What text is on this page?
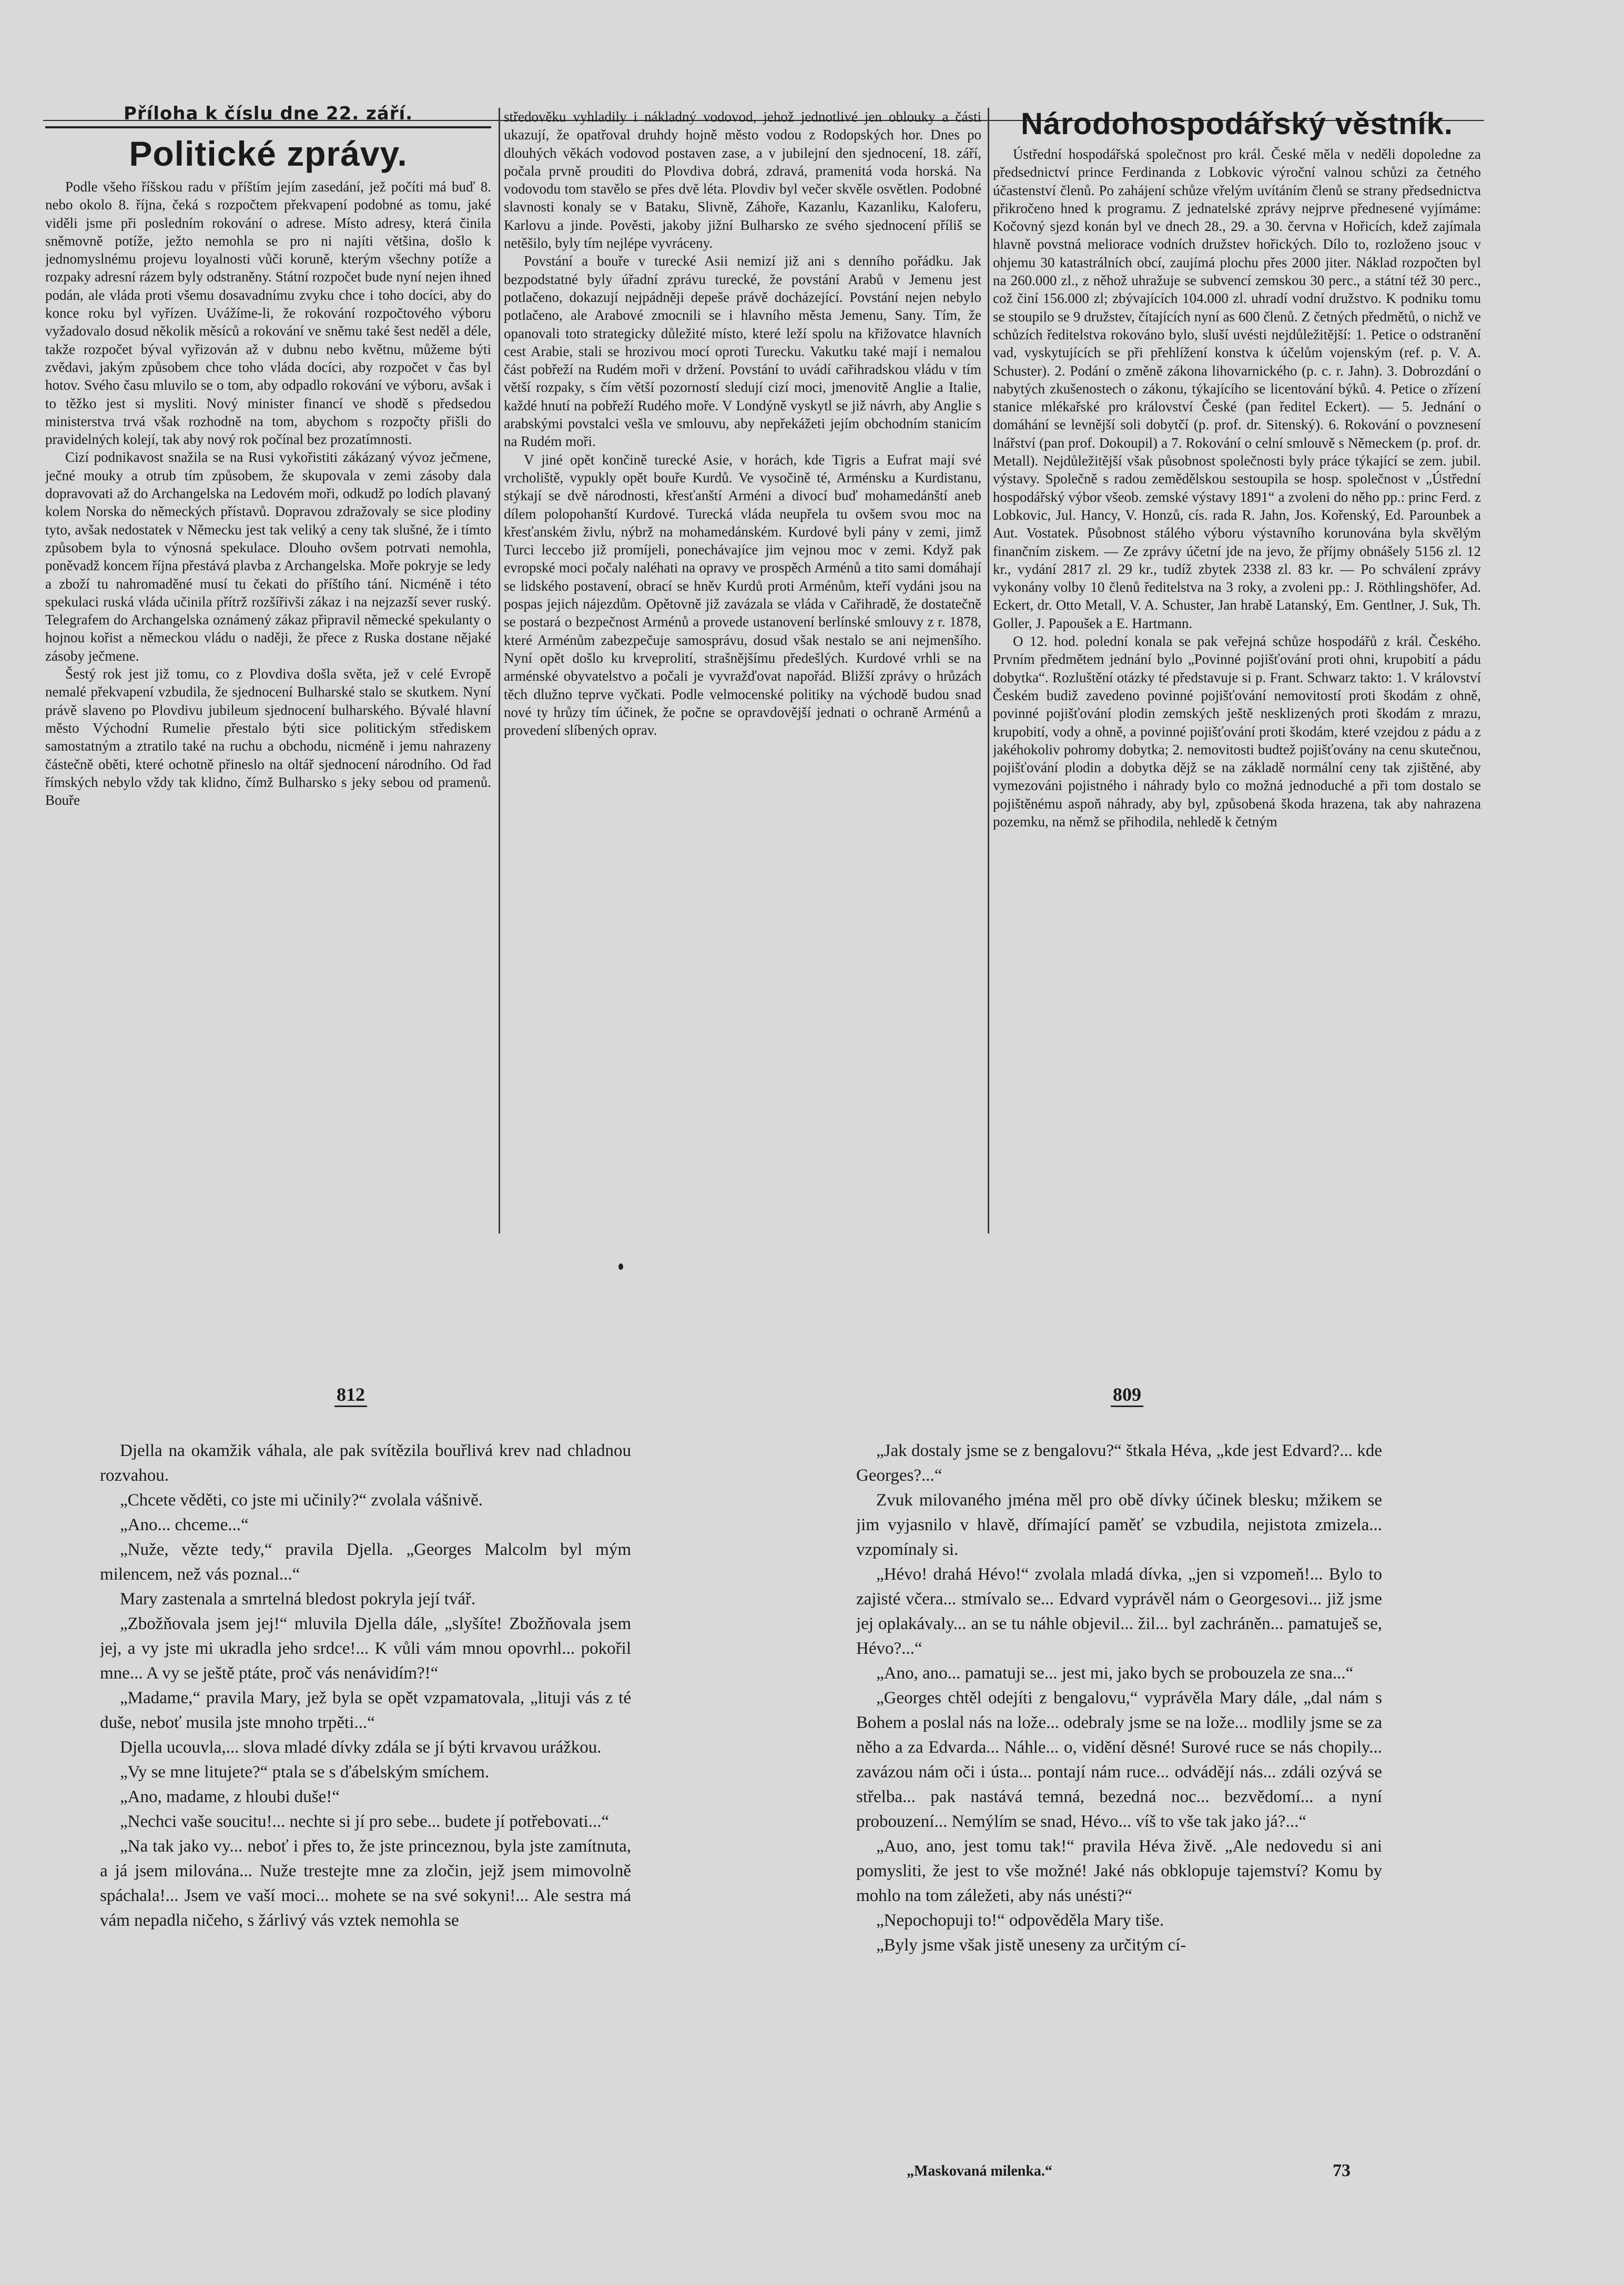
Příloha k číslu dne 22. září.
Politické zprávy.

Podle všeho říšskou radu v příštím jejím zasedání, jež počíti má buď 8. nebo okolo 8. října, čeká s rozpočtem překvapení podobné as tomu, jaké viděli jsme při posledním rokování o adrese. Místo adresy, která činila sněmovně potíže, ježto nemohla se pro ni najíti většina, došlo k jednomyslnému projevu loyalnosti vůči koruně, kterým všechny potíže a rozpaky adresní rázem byly odstraněny. Státní rozpočet bude nyní nejen ihned podán, ale vláda proti všemu dosavadnímu zvyku chce i toho docíci, aby do konce roku byl vyřízen. Uvážíme-li, že rokování rozpočtového výboru vyžadovalo dosud několik měsíců a rokování ve sněmu také šest neděl a déle, takže rozpočet býval vyřizován až v dubnu nebo květnu, můžeme býti zvědavi, jakým způsobem chce toho vláda docíci, aby rozpočet v čas byl hotov. Svého času mluvilo se o tom, aby odpadlo rokování ve výboru, avšak i to těžko jest si mysliti. Nový minister financí ve shodě s předsedou ministerstva trvá však rozhodně na tom, abychom s rozpočty přišli do pravidelných kolejí, tak aby nový rok počínal bez prozatímnosti.

Cizí podnikavost snažila se na Rusi vykořistiti zákázaný vývoz ječmene, ječné mouky a otrub tím způsobem, že skupovala v zemi zásoby dala dopravovati až do Archangelska na Ledovém moři, odkudž po lodích plavaný kolem Norska do německých přístavů. Dopravou zdražovaly se sice plodiny tyto, avšak nedostatek v Německu jest tak veliký a ceny tak slušné, že i tímto způsobem byla to výnosná spekulace. Dlouho ovšem potrvati nemohla, poněvadž koncem října přestává plavba z Archangelska. Moře pokryje se ledy a zboží tu nahromaděné musí tu čekati do příštího tání. Nicméně i této spekulaci ruská vláda učinila přítrž rozšířivši zákaz i na nejzazší sever ruský. Telegrafem do Archangelska oznámený zákaz připravil německé spekulanty o hojnou kořist a německou vládu o naději, že přece z Ruska dostane nějaké zásoby ječmene.

Šestý rok jest již tomu, co z Plovdiva došla světa, jež v celé Evropě nemalé překvapení vzbudila, že sjednocení Bulharské stalo se skutkem. Nyní právě slaveno po Plovdivu jubileum sjednocení bulharského. Bývalé hlavní město Východní Rumelie přestalo býti sice politickým střediskem samostatným a ztratilo také na ruchu a obchodu, nicméně i jemu nahrazeny částečně oběti, které ochotně přineslo na oltář sjednocení národního. Od řad římských nebylo vždy tak klidno, čímž Bulharsko s jeky sebou od pramenů. Bouře

středověku vyhladily i nákladný vodovod, jehož jednotlivé jen oblouky a části ukazují, že opatřoval druhdy hojně město vodou z Rodopských hor. Dnes po dlouhých věkách vodovod postaven zase, a v jubilejní den sjednocení, 18. září, počala prvně prouditi do Plovdiva dobrá, zdravá, pramenitá voda horská. Na vodovodu tom stavělo se přes dvě léta. Plovdiv byl večer skvěle osvětlen. Podobné slavnosti konaly se v Bataku, Slivně, Záhoře, Kazanlu, Kazanliku, Kaloferu, Karlovu a jinde. Pověsti, jakoby jižní Bulharsko ze svého sjednocení příliš se netěšilo, byly tím nejlépe vyvráceny.

Povstání a bouře v turecké Asii nemizí již ani s denního pořádku. Jak bezpodstatné byly úřadní zprávu turecké, že povstání Arabů v Jemenu jest potlačeno, dokazují nejpádněji depeše právě docházející. Povstání nejen nebylo potlačeno, ale Arabové zmocnili se i hlavního města Jemenu, Sany. Tím, že opanovali toto strategicky důležité místo, které leží spolu na křižovatce hlavních cest Arabie, stali se hrozivou mocí oproti Turecku. Vakutku také mají i nemalou část pobřeží na Rudém moři v držení. Povstání to uvádí cařihradskou vládu v tím větší rozpaky, s čím větší pozorností sledují cizí moci, jmenovitě Anglie a Italie, každé hnutí na pobřeží Rudého moře. V Londýně vyskytl se již návrh, aby Anglie s arabskými povstalci vešla ve smlouvu, aby nepřekážeti jejím obchodním stanicím na Rudém moři.

V jiné opět končině turecké Asie, v horách, kde Tigris a Eufrat mají své vrcholiště, vypukly opět bouře Kurdů. Ve vysočině té, Arménsku a Kurdistanu, stýkají se dvě národnosti, křesťanští Arméni a divocí buď mohamedánští aneb dílem polopohanští Kurdové. Turecká vláda neupřela tu ovšem svou moc na křesťanském živlu, nýbrž na mohamedánském. Kurdové byli pány v zemi, jimž Turci leccebo již promíjeli, ponechávajíce jim vejnou moc v zemi. Když pak evropské moci počaly naléhati na opravy ve prospěch Arménů a tito sami domáhají se lidského postavení, obrací se hněv Kurdů proti Arménům, kteří vydáni jsou na pospas jejich nájezdům. Opětovně již zavázala se vláda v Cařihradě, že dostatečně se postará o bezpečnost Arménů a provede ustanovení berlínské smlouvy z r. 1878, které Arménům zabezpečuje samosprávu, dosud však nestalo se ani nejmenšího. Nyní opět došlo ku krveprolití, strašnějšímu předešlých. Kurdové vrhli se na arménské obyvatelstvo a počali je vyvražďovat napořád. Bližší zprávy o hrůzách těch dlužno teprve vyčkati. Podle velmocenské politiky na východě budou snad nové ty hrůzy tím účinek, že počne se opravdovější jednati o ochraně Arménů a provedení slíbených oprav.

Národohospodářský věstník.

Ústřední hospodářská společnost pro král. České měla v neděli dopoledne za předsednictví prince Ferdinanda z Lobkovic výroční valnou schůzi za četného účastenství členů. Po zahájení schůze vřelým uvítáním členů se strany předsednictva přikročeno hned k programu. Z jednatelské zprávy nejprve přednesené vyjímáme: Kočovný sjezd konán byl ve dnech 28., 29. a 30. června v Hořicích, kdež zajímala hlavně povstná meliorace vodních družstev hořických. Dílo to, rozloženo jsouc v ohjemu 30 katastrálních obcí, zaujímá plochu přes 2000 jiter. Náklad rozpočten byl na 260.000 zl., z něhož uhražuje se subvencí zemskou 30 perc., a státní též 30 perc., což činí 156.000 zl; zbývajících 104.000 zl. uhradí vodní družstvo. K podniku tomu se stoupilo se 9 družstev, čítajících nyní as 600 členů. Z četných předmětů, o nichž ve schůzích ředitelstva rokováno bylo, sluší uvésti nejdůležitější: 1. Petice o odstranění vad, vyskytujících se při přehlížení konstva k účelům vojenským (ref. p. V. A. Schuster). 2. Podání o změně zákona lihovarnického (p. c. r. Jahn). 3. Dobrozdání o nabytých zkušenostech o zákonu, týkajícího se licentování býků. 4. Petice o zřízení stanice mlékařské pro království České (pan ředitel Eckert). — 5. Jednání o domáhání se levnější soli dobytčí (p. prof. dr. Sitenský). 6. Rokování o povznesení lnářství (pan prof. Dokoupil) a 7. Rokování o celní smlouvě s Německem (p. prof. dr. Metall). Nejdůležitější však působnost společnosti byly práce týkající se zem. jubil. výstavy. Společně s radou zemědělskou sestoupila se hosp. společnost v „Ústřední hospodářský výbor všeob. zemské výstavy 1891“ a zvoleni do něho pp.: princ Ferd. z Lobkovic, Jul. Hancy, V. Honzů, cís. rada R. Jahn, Jos. Kořenský, Ed. Parounbek a Aut. Vostatek. Působnost stálého výboru výstavního korunována byla skvělým finančním ziskem. — Ze zprávy účetní jde na jevo, že příjmy obnášely 5156 zl. 12 kr., vydání 2817 zl. 29 kr., tudíž zbytek 2338 zl. 83 kr. — Po schválení zprávy vykonány volby 10 členů ředitelstva na 3 roky, a zvoleni pp.: J. Röthlingshöfer, Ad. Eckert, dr. Otto Metall, V. A. Schuster, Jan hrabě Latanský, Em. Gentlner, J. Suk, Th. Goller, J. Papoušek a E. Hartmann.

O 12. hod. polední konala se pak veřejná schůze hospodářů z král. Českého. Prvním předmětem jednání bylo „Povinné pojišťování proti ohni, krupobití a pádu dobytka“. Rozluštění otázky té představuje si p. Frant. Schwarz takto: 1. V království Českém budiž zavedeno povinné pojišťování nemovitostí proti škodám z ohně, povinné pojišťování plodin zemských ještě nesklizených proti škodám z mrazu, krupobití, vody a ohně, a povinné pojišťování proti škodám, které vzejdou z pádu a z jakéhokoliv pohromy dobytka; 2. nemovitosti budtež pojišťovány na cenu skutečnou, pojišťování plodin a dobytka dějž se na základě normální ceny tak zjištěné, aby vymezováni pojistného i náhrady bylo co možná jednoduché a při tom dostalo se pojištěnému aspoň náhrady, aby byl, způsobená škoda hrazena, tak aby nahrazena pozemku, na němž se přihodila, nehledě k četným

812

Djella na okamžik váhala, ale pak svítězila bouřlivá krev nad chladnou rozvahou.

„Chcete věděti, co jste mi učinily?“ zvolala vášnivě.

„Ano... chceme...“

„Nuže, vězte tedy,“ pravila Djella. „Georges Malcolm byl mým milencem, než vás poznal...“

Mary zastenala a smrtelná bledost pokryla její tvář.

„Zbožňovala jsem jej!“ mluvila Djella dále, „slyšíte! Zbožňovala jsem jej, a vy jste mi ukradla jeho srdce!... K vůli vám mnou opovrhl... pokořil mne... A vy se ještě ptáte, proč vás nenávidím?!“

„Madame,“ pravila Mary, jež byla se opět vzpamatovala, „lituji vás z té duše, neboť musila jste mnoho trpěti...“

Djella ucouvla,... slova mladé dívky zdála se jí býti krvavou urážkou.

„Vy se mne litujete?“ ptala se s ďábelským smíchem.

„Ano, madame, z hloubi duše!“

„Nechci vaše soucitu!... nechte si jí pro sebe... budete jí potřebovati...“

„Na tak jako vy... neboť i přes to, že jste princeznou, byla jste zamítnuta, a já jsem milována... Nuže trestejte mne za zločin, jejž jsem mimovolně spáchala!... Jsem ve vaší moci... mohete se na své sokyni!... Ale sestra má vám nepadla ničeho, s žárlivý vás vztek nemohla se

809

„Jak dostaly jsme se z bengalovu?“ štkala Héva, „kde jest Edvard?... kde Georges?...“

Zvuk milovaného jména měl pro obě dívky účinek blesku; mžikem se jim vyjasnilo v hlavě, dřímající paměť se vzbudila, nejistota zmizela... vzpomínaly si.

„Hévo! drahá Hévo!“ zvolala mladá dívka, „jen si vzpomeň!... Bylo to zajisté včera... stmívalo se... Edvard vyprávěl nám o Georgesovi... již jsme jej oplakávaly... an se tu náhle objevil... žil... byl zachráněn... pamatuješ se, Hévo?...“

„Ano, ano... pamatuji se... jest mi, jako bych se probouzela ze sna...“

„Georges chtěl odejíti z bengalovu,“ vyprávěla Mary dále, „dal nám s Bohem a poslal nás na lože... odebraly jsme se na lože... modlily jsme se za něho a za Edvarda... Náhle... o, vidění děsné! Surové ruce se nás chopily... zavázou nám oči i ústa... pontají nám ruce... odvádějí nás... zdáli ozývá se střelba... pak nastává temná, bezedná noc... bezvědomí... a nyní probouzení... Nemýlím se snad, Hévo... víš to vše tak jako já?...“

„Auo, ano, jest tomu tak!“ pravila Héva živě. „Ale nedovedu si ani pomysliti, že jest to vše možné! Jaké nás obklopuje tajemství? Komu by mohlo na tom záležeti, aby nás unésti?“

„Nepochopuji to!“ odpověděla Mary tiše.

„Byly jsme však jistě uneseny za určitým cí-

„Maskovaná milenka.“	73
